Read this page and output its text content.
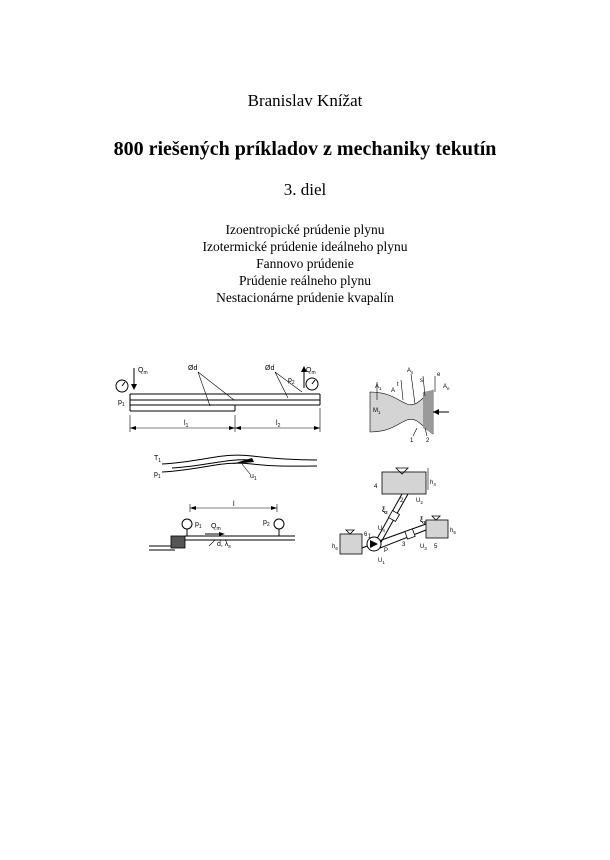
Branislav Knížat
800 riešených príkladov z mechaniky tekutín
3. diel
Izoentropické prúdenie plynu
Izotermické prúdenie ideálneho plynu
Fannovo prúdenie
Prúdenie reálneho plynu
Nestacionárne prúdenie kvapalín
$Q_m$
Ød	Ød
$p_2$
$Q_m$
$p_1$
$l_1$	$l_2$
$A_1$ A
t
$A_s$
s
e
$A_e$
$M_1$
1 2
$T_1$
$p_1$	$u_1$
4
$h_4$
2 $U_2$
$\xi_2$
$\xi_3$
$U_4$
6 1
3 $U_3$ 5
$h_5$
$h_6$	P
$U_1$
$p_1$ $Q_m$
l
$p_2$
d, $\lambda_s$
